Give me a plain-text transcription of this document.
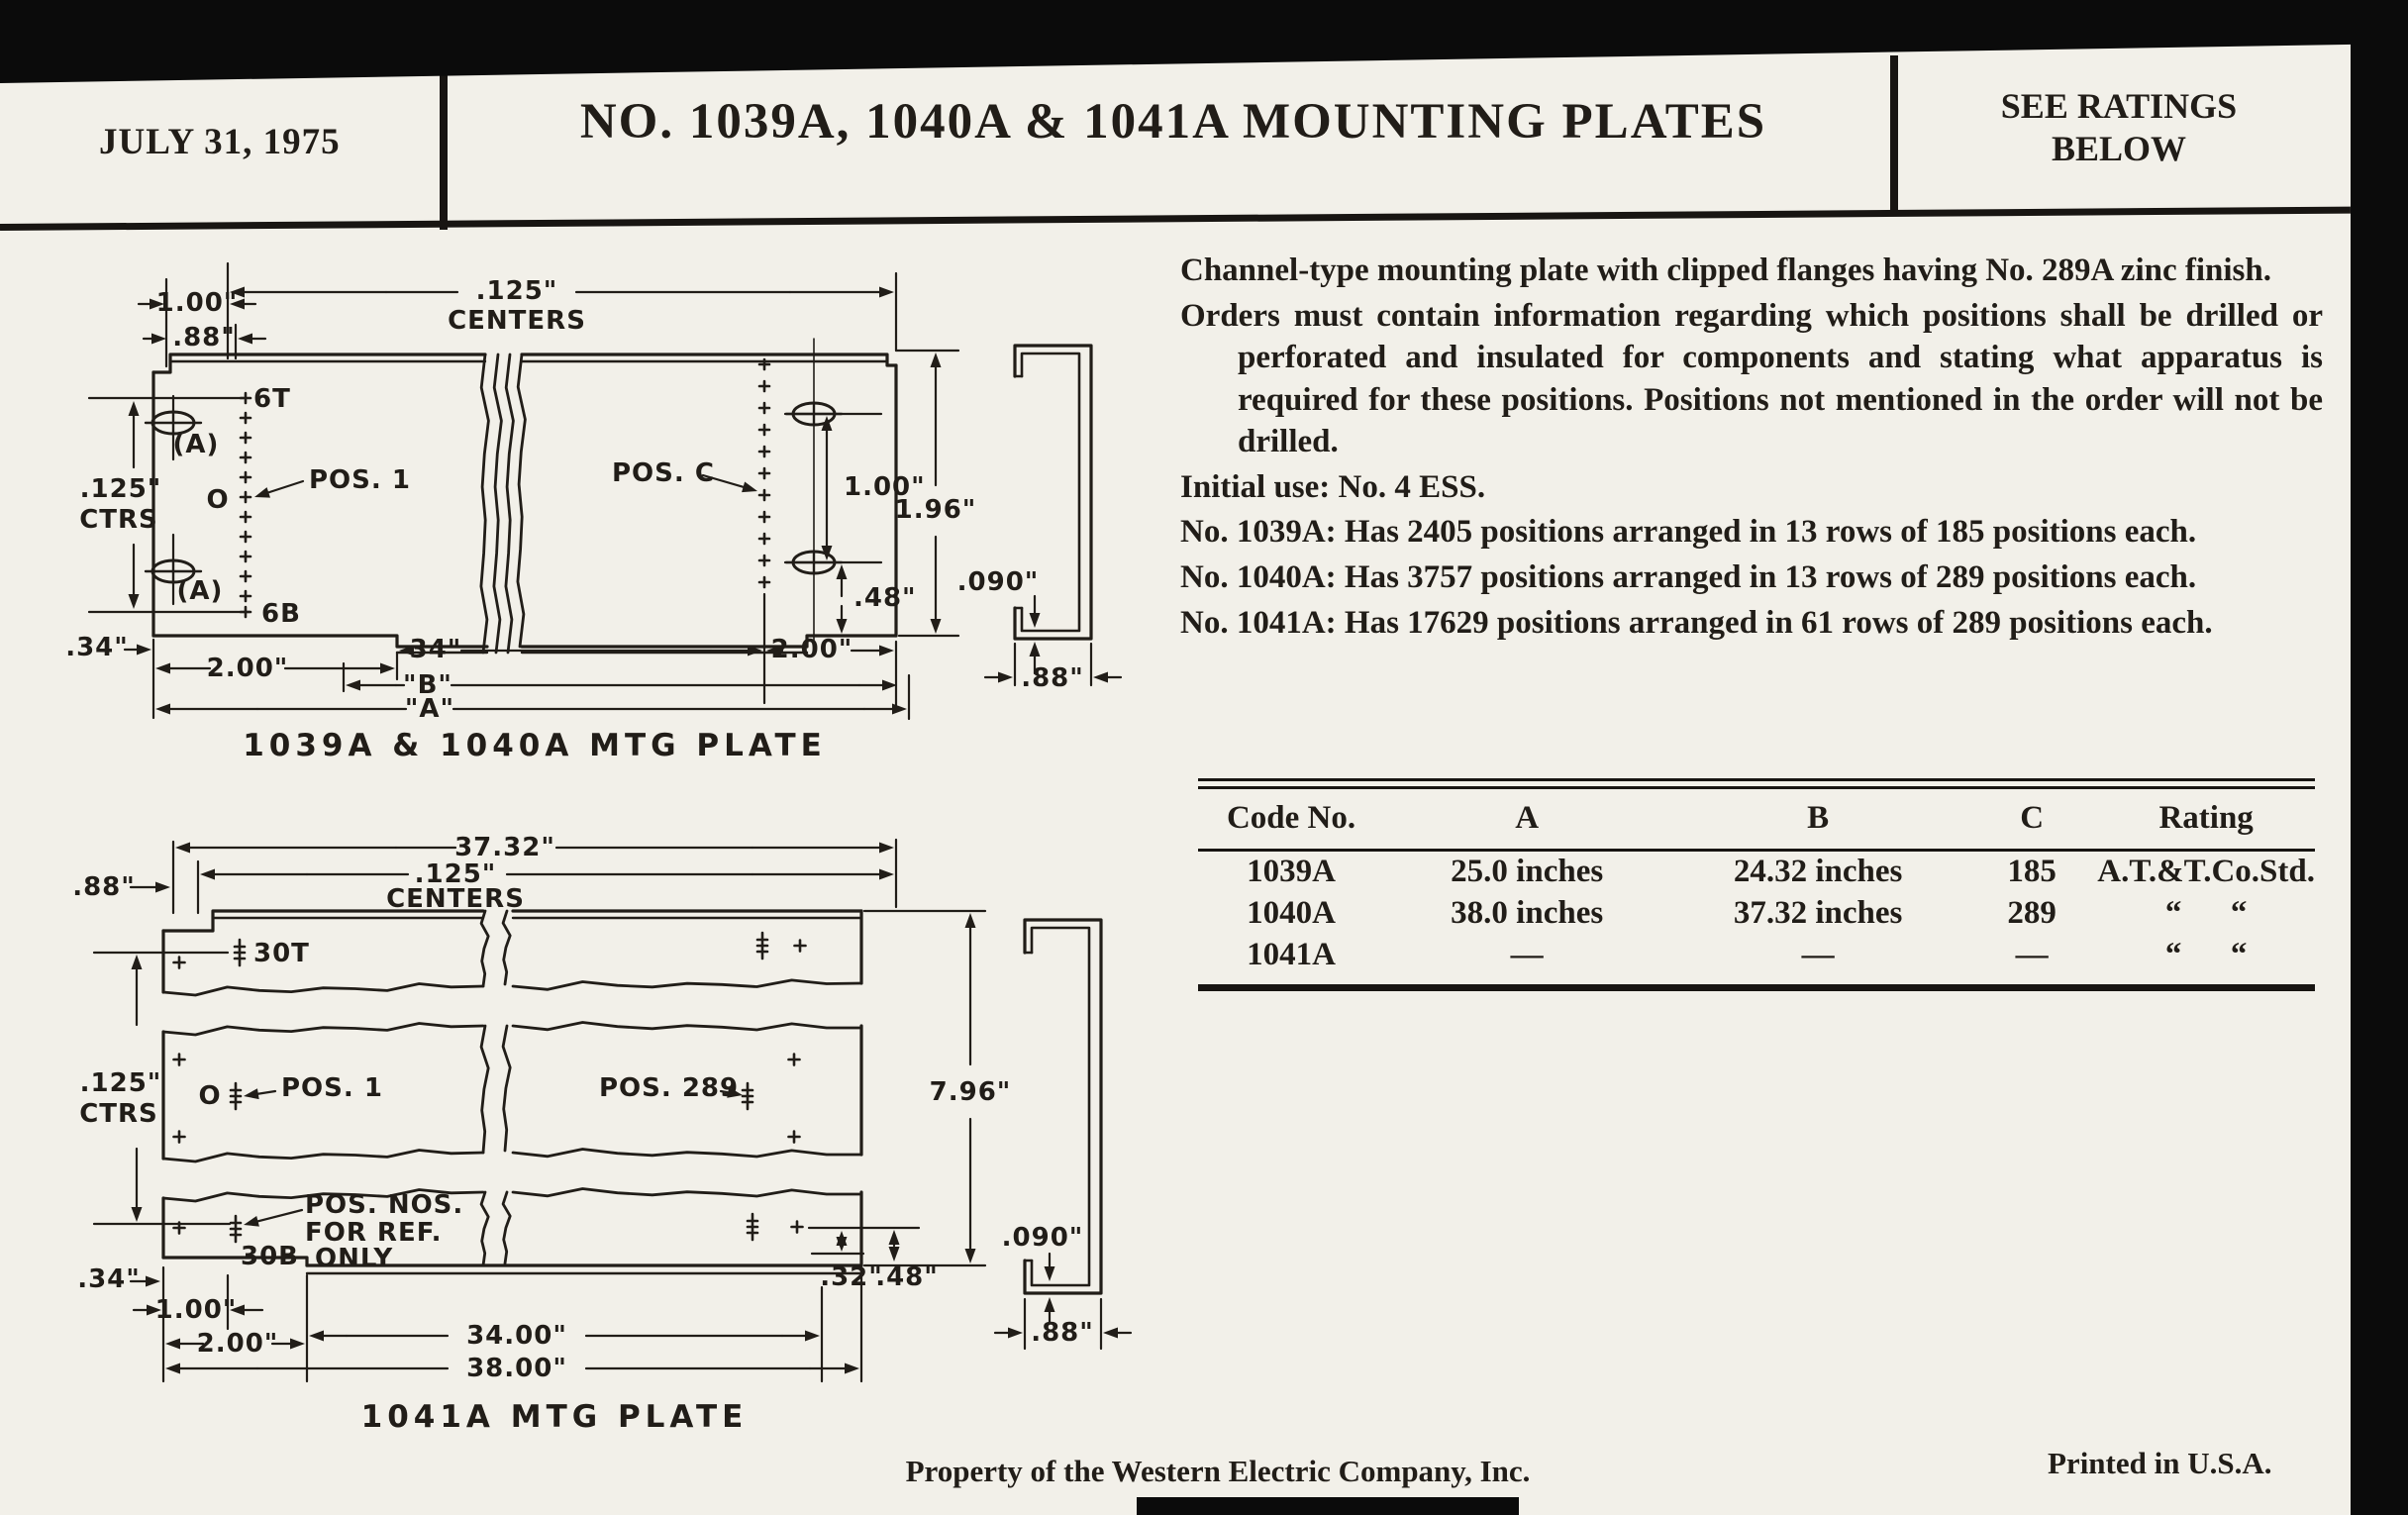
JULY 31, 1975	NO. 1039A, 1040A & 1041A MOUNTING PLATES	SEE RATINGS
BELOW
1.00"
.88"
.125"
CENTERS
6T
(A)
POS. 1
O
.125"
CTRS
(A)
6B
.34"
2.00"
34"	2.00"
"B"
"A"
POS. C	1.00"
1.96"
.48"
.090"
.88"
1039A & 1040A MTG PLATE
.88"
37.32"
.125"
CENTERS
30T
.125"
CTRS
O POS. 1	POS. 289	7.96"
POS. NOS.
FOR REF.
30B ONLY
.34"
1.00"
2.00"	34.00"
38.00"
.32"
.48"
.090"
.88"
1041A MTG PLATE

Channel-type mounting plate with clipped flanges having No. 289A zinc finish.

Orders must contain information regarding which positions shall be drilled or perforated and insulated for components and stating what apparatus is required for these positions. Positions not mentioned in the order will not be drilled.

Initial use: No. 4 ESS.

No. 1039A: Has 2405 positions arranged in 13 rows of 185 positions each.

No. 1040A: Has 3757 positions arranged in 13 rows of 289 positions each.

No. 1041A: Has 17629 positions arranged in 61 rows of 289 positions each.

Code No.	A	B	C	Rating
1039A	25.0 inches	24.32 inches	185	A.T.&T.Co.Std.
1040A	38.0 inches	37.32 inches	289	“      “
1041A	—	—	—	“      “
Property of the Western Electric Company, Inc.	Printed in U.S.A.
